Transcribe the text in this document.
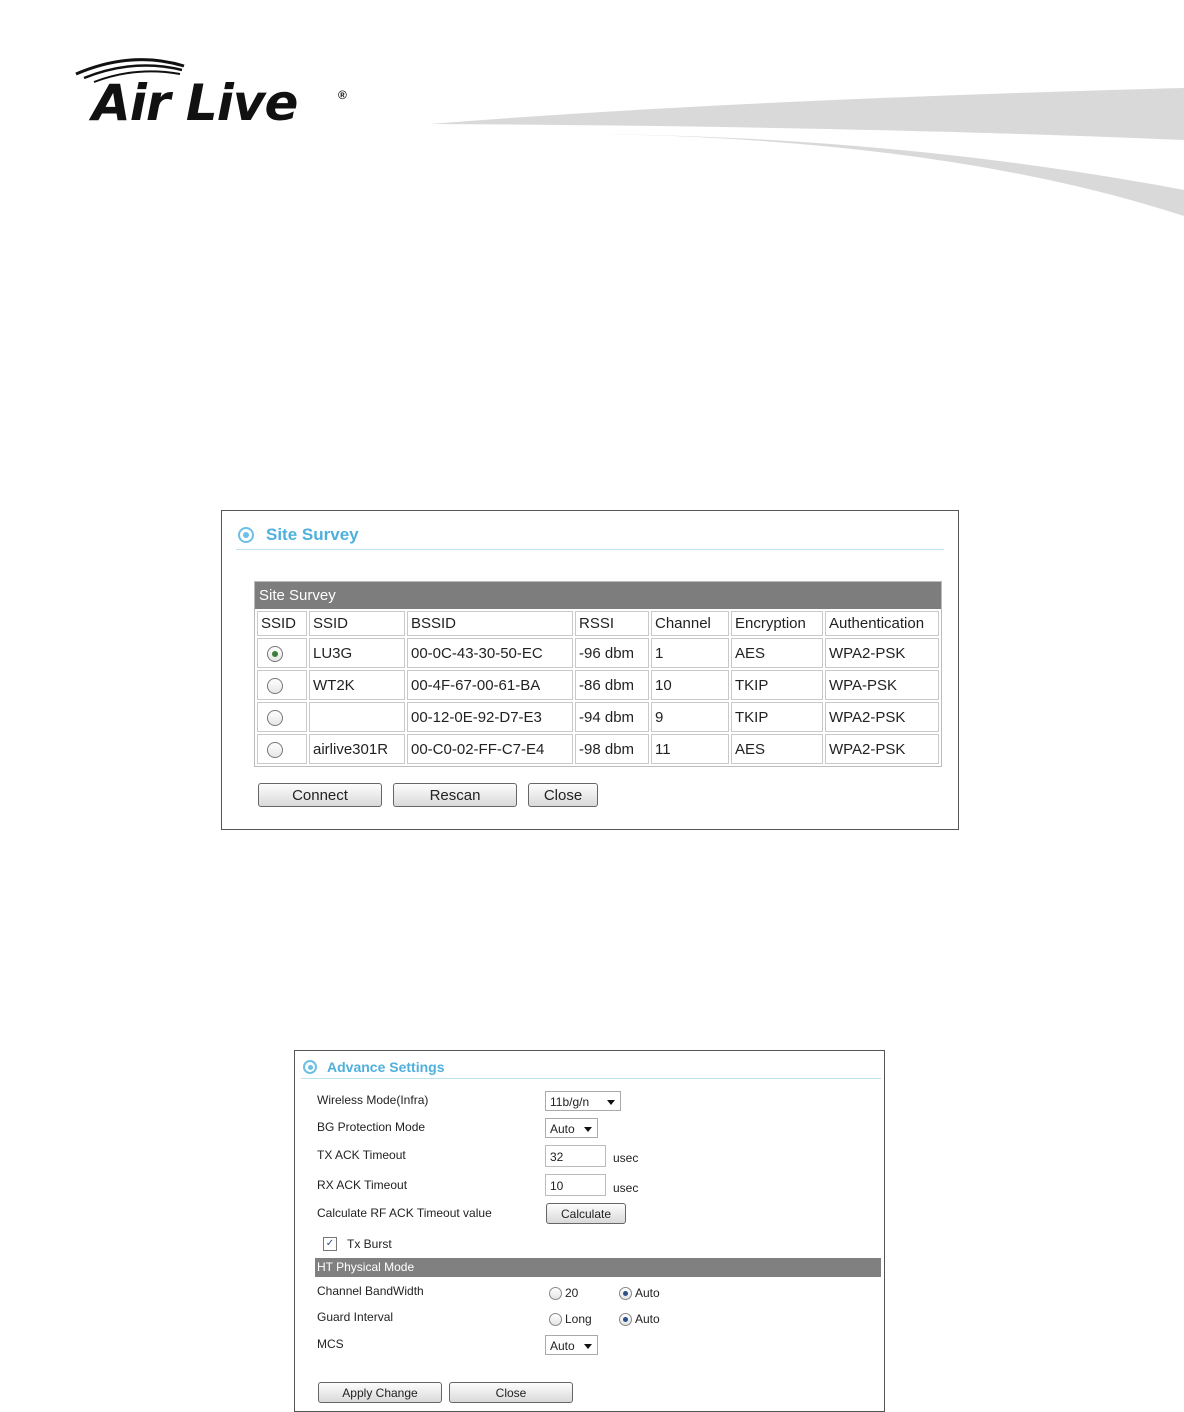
Air Live	®
Site Survey
Site Survey
SSID	SSID	BSSID	RSSI	Channel	Encryption	Authentication
	LU3G	00-0C-43-30-50-EC	-96 dbm	1	AES	WPA2-PSK
	WT2K	00-4F-67-00-61-BA	-86 dbm	10	TKIP	WPA-PSK
		00-12-0E-92-D7-E3	-94 dbm	9	TKIP	WPA2-PSK
	airlive301R	00-C0-02-FF-C7-E4	-98 dbm	11	AES	WPA2-PSK
Connect	Rescan	Close
Advance Settings
Wireless Mode(Infra)	11b/g/n
BG Protection Mode	Auto
TX ACK Timeout	32	usec
RX ACK Timeout	10	usec
Calculate RF ACK Timeout value	Calculate
✓ Tx Burst
HT Physical Mode
Channel BandWidth	20	Auto
Guard Interval	Long	Auto
MCS	Auto
Apply Change	Close
